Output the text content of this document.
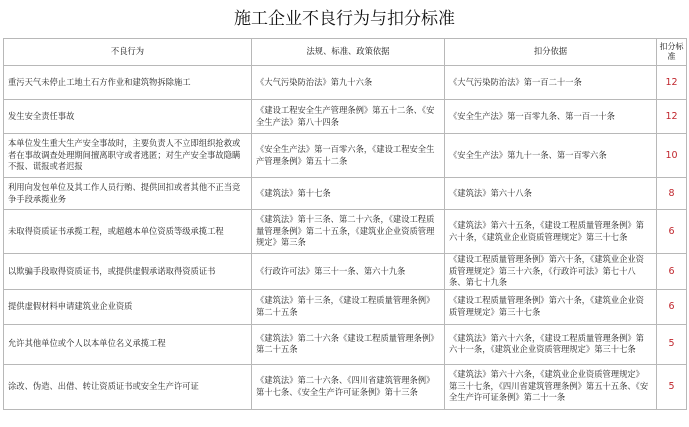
施工企业不良行为与扣分标准
不良行为	法规、标准、政策依据	扣分依据	扣分标准
重污天气未停止工地土石方作业和建筑物拆除施工	《大气污染防治法》第九十六条	《大气污染防治法》第一百二十一条	12
发生安全责任事故	《建设工程安全生产管理条例》第五十二条、《安全生产法》第八十四条	《安全生产法》第一百零九条、第一百一十条	12
本单位发生重大生产安全事故时，主要负责人不立即组织抢救或者在事故调查处理期间擅离职守或者逃匿；对生产安全事故隐瞒不报、谎报或者迟报	《安全生产法》第一百零六条，《建设工程安全生产管理条例》第五十二条	《安全生产法》第九十一条、第一百零六条	10
利用向发包单位及其工作人员行贿、提供回扣或者其他不正当竞争手段承揽业务	《建筑法》第十七条	《建筑法》第六十八条	8
未取得资质证书承揽工程，或超越本单位资质等级承揽工程	《建筑法》第十三条、第二十六条，《建设工程质量管理条例》第二十五条，《建筑业企业资质管理规定》第三条	《建筑法》第六十五条，《建设工程质量管理条例》第六十条，《建筑业企业资质管理规定》第三十七条	6
以欺骗手段取得资质证书，或提供虚假承诺取得资质证书	《行政许可法》第三十一条、第六十九条	《建设工程质量管理条例》第六十条，《建筑业企业资质管理规定》第三十六条，《行政许可法》第七十八条、第七十九条	6
提供虚假材料申请建筑业企业资质	《建筑法》第十三条，《建设工程质量管理条例》第二十五条	《建设工程质量管理条例》第六十条，《建筑业企业资质管理规定》第三十七条	6
允许其他单位或个人以本单位名义承揽工程	《建筑法》第二十六条《建设工程质量管理条例》第二十五条	《建筑法》第六十六条，《建设工程质量管理条例》第六十一条，《建筑业企业资质管理规定》第三十七条	5
涂改、伪造、出借、转让资质证书或安全生产许可证	《建筑法》第二十六条、《四川省建筑管理条例》第十七条、《安全生产许可证条例》第十三条	《建筑法》第六十六条，《建筑业企业资质管理规定》第三十七条，《四川省建筑管理条例》第五十五条、《安全生产许可证条例》第二十一条	5
